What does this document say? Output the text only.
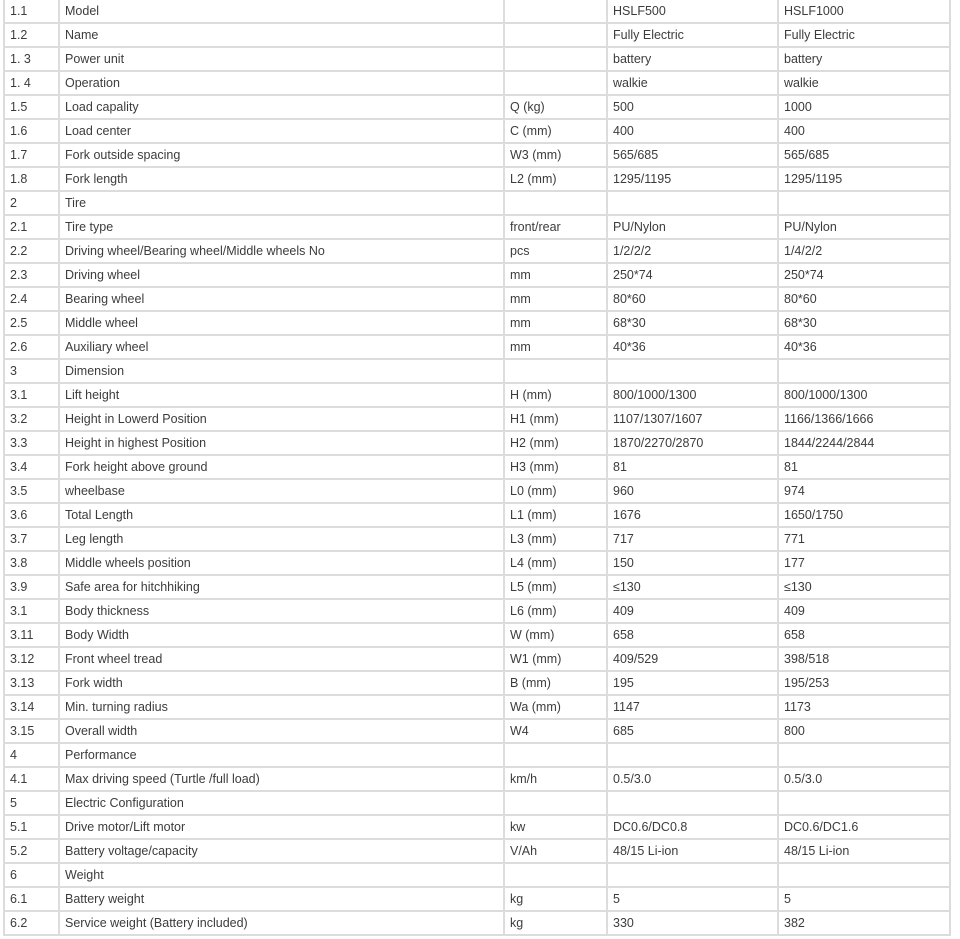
1.1	Model		HSLF500	HSLF1000
1.2	Name		Fully Electric	Fully Electric
1. 3	Power unit		battery	battery
1. 4	Operation		walkie	walkie
1.5	Load capality	Q (kg)	500	1000
1.6	Load center	C (mm)	400	400
1.7	Fork outside spacing	W3 (mm)	565/685	565/685
1.8	Fork length	L2 (mm)	1295/1195	1295/1195
2	Tire			
2.1	Tire type	front/rear	PU/Nylon	PU/Nylon
2.2	Driving wheel/Bearing wheel/Middle wheels No	pcs	1/2/2/2	1/4/2/2
2.3	Driving wheel	mm	250*74	250*74
2.4	Bearing wheel	mm	80*60	80*60
2.5	Middle wheel	mm	68*30	68*30
2.6	Auxiliary wheel	mm	40*36	40*36
3	Dimension			
3.1	Lift height	H (mm)	800/1000/1300	800/1000/1300
3.2	Height in Lowerd Position	H1 (mm)	1107/1307/1607	1166/1366/1666
3.3	Height in highest Position	H2 (mm)	1870/2270/2870	1844/2244/2844
3.4	Fork height above ground	H3 (mm)	81	81
3.5	wheelbase	L0 (mm)	960	974
3.6	Total Length	L1 (mm)	1676	1650/1750
3.7	Leg length	L3 (mm)	717	771
3.8	Middle wheels position	L4 (mm)	150	177
3.9	Safe area for hitchhiking	L5 (mm)	≤130	≤130
3.1	Body thickness	L6 (mm)	409	409
3.11	Body Width	W (mm)	658	658
3.12	Front wheel tread	W1 (mm)	409/529	398/518
3.13	Fork width	B (mm)	195	195/253
3.14	Min. turning radius	Wa (mm)	1147	1173
3.15	Overall width	W4	685	800
4	Performance			
4.1	Max driving speed (Turtle /full load)	km/h	0.5/3.0	0.5/3.0
5	Electric Configuration			
5.1	Drive motor/Lift motor	kw	DC0.6/DC0.8	DC0.6/DC1.6
5.2	Battery voltage/capacity	V/Ah	48/15 Li-ion	48/15 Li-ion
6	Weight			
6.1	Battery weight	kg	5	5
6.2	Service weight (Battery included)	kg	330	382
